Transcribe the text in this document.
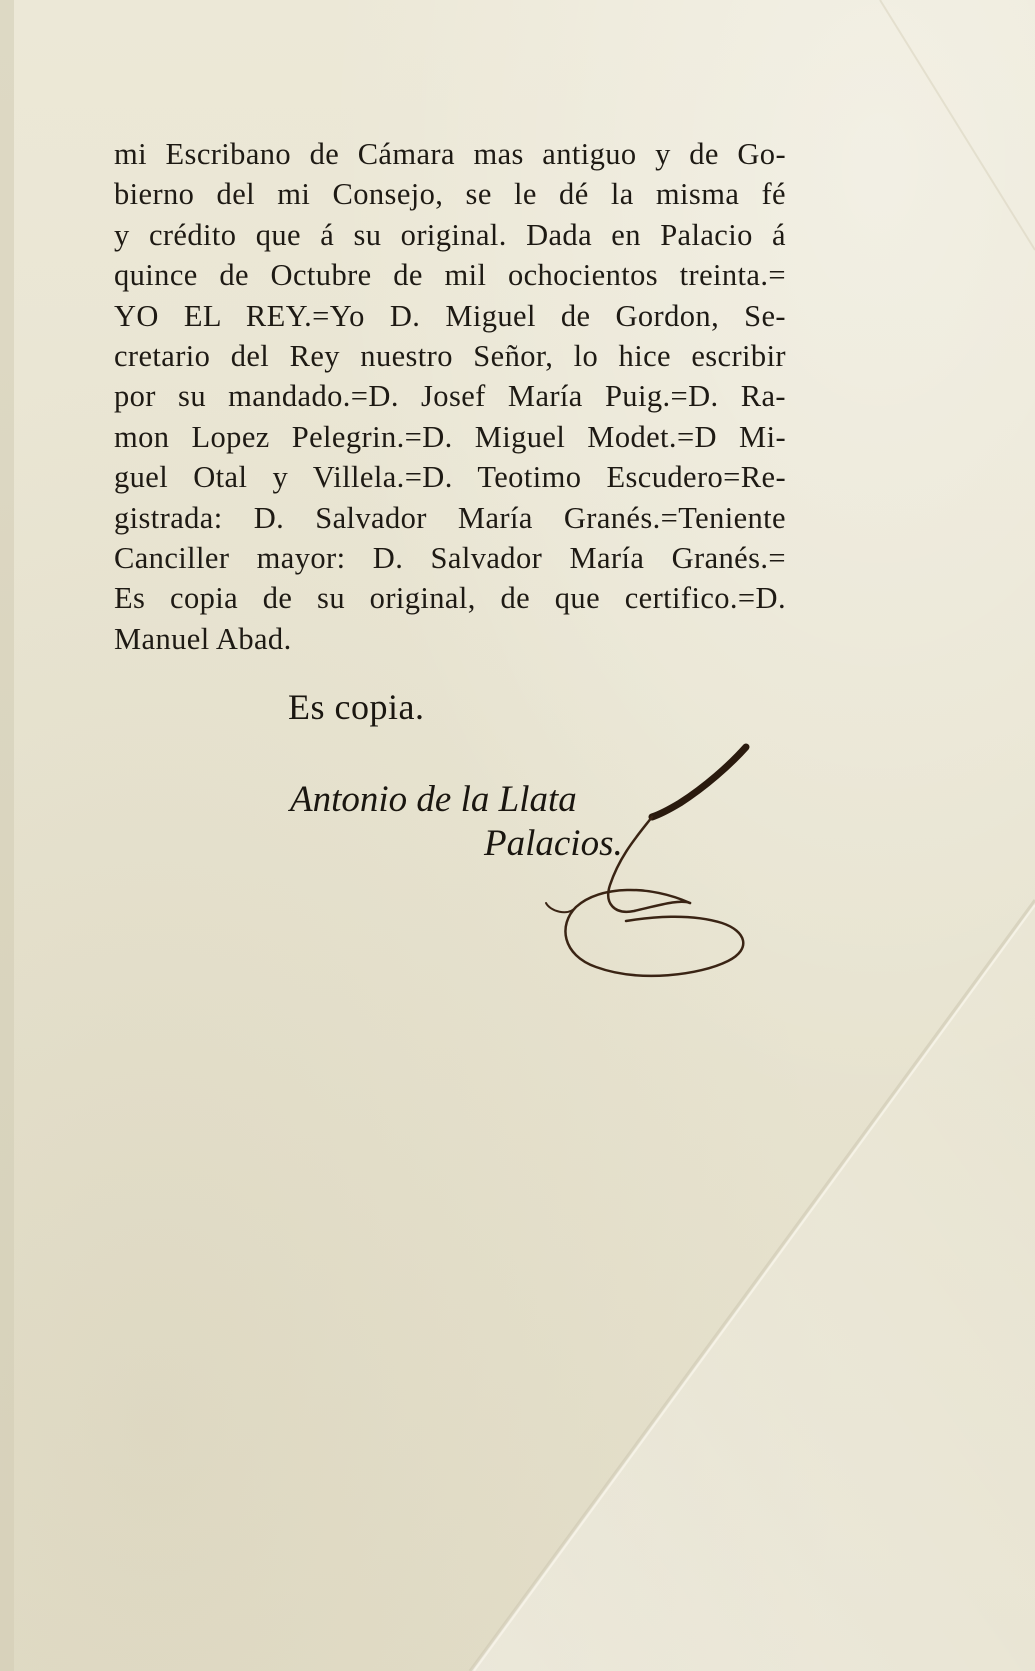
mi Escribano de Cámara mas antiguo y de Go-
bierno del mi Consejo, se le dé la misma fé
y crédito que á su original. Dada en Palacio á
quince de Octubre de mil ochocientos treinta.=
YO EL REY.=Yo D. Miguel de Gordon, Se-
cretario del Rey nuestro Señor, lo hice escribir
por su mandado.=D. Josef María Puig.=D. Ra-
mon Lopez Pelegrin.=D. Miguel Modet.=D Mi-
guel Otal y Villela.=D. Teotimo Escudero=Re-
gistrada: D. Salvador María Granés.=Teniente
Canciller mayor: D. Salvador María Granés.=
Es copia de su original, de que certifico.=D.
Manuel Abad.

Es copia.

Antonio de la Llata

Palacios.
